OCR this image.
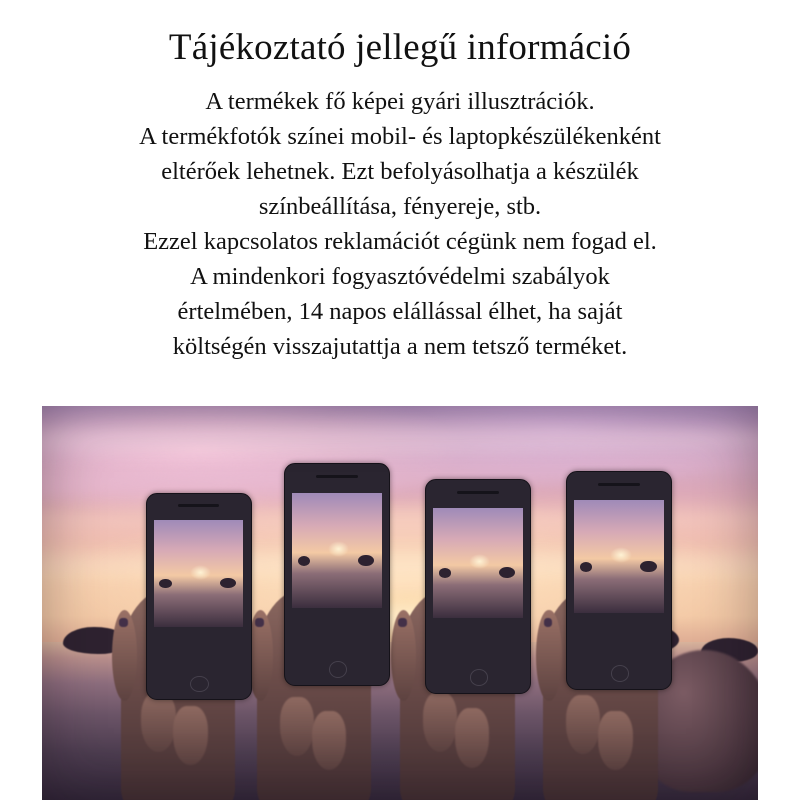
Tájékoztató jellegű információ
A termékek fő képei gyári illusztrációk.
A termékfotók színei mobil- és laptopkészülékenként
eltérőek lehetnek. Ezt befolyásolhatja a készülék
színbeállítása, fényereje, stb.
Ezzel kapcsolatos reklamációt cégünk nem fogad el.
A mindenkori fogyasztóvédelmi szabályok
értelmében, 14 napos elállással élhet, ha saját
költségén visszajutattja a nem tetsző terméket.
